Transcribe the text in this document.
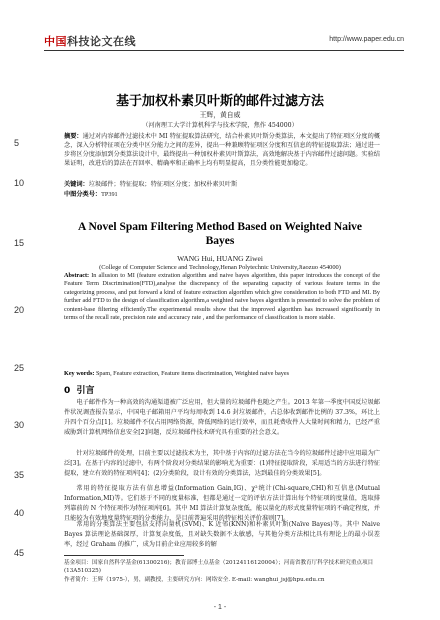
中国科技论文在线	http://www.paper.edu.cn
5
10
15
20
25
30
35
40
45
基于加权朴素贝叶斯的邮件过滤方法
王辉，黄自威
（河南理工大学计算机科学与技术学院，焦作 454000）
摘要：通过对内容邮件过滤技术中 MI 特征提取算法研究，结合朴素贝叶斯分类算法，本文提出了特征项区分度的概念，深入分析特征项在分类中区分能力之间的差异，提出一种兼顾特征项区分度和互信息的特征提取算法；通过进一步将区分度添加到分类算法设计中，最终提出一种加权朴素贝叶斯算法，高效地解决基于内容邮件过滤问题。实验结果证明，改进后的算法在召回率、精确率和正确率上均有明显提高，且分类性能更加稳定。
关键词：垃圾邮件；特征提取；特征项区分度；加权朴素贝叶斯
中图分类号：TP391
A Novel Spam Filtering Method Based on Weighted Naive Bayes
WANG Hui, HUANG Ziwei
(College of Computer Science and Technology,Henan Polytechnic University,Jiaozuo 454000)
Abstract: In allusion to MI (feature extration algorithm and naive bayes algorithm, this paper introduces the concept of the Feature Term Discrimination(FTD),analyse the discrepancy of the separating capacity of various feature terms in the categorizing process, and put forward a kind of feature extraction algorithm which give consideration to both FTD and MI. By further add FTD to the design of classification algorithm,a weighted naive bayes algorithm is presented to solve the problem of content-base filtering efficiently.The experimental results show that the improved algorithm has increased significantly in terms of the recall rate, precision rate and accuracy rate , and the performance of classification is more stable.
Key words: Spam, Feature extraction, Feature items discrimination, Weighted naive bayes
0 引言
电子邮件作为一种高效的沟通渠道被广泛应用，但大量的垃圾邮件也随之产生。2013 年第一季度中国反垃圾邮件状况调查报告显示，中国电子邮箱用户平均每周收到 14.6 封垃圾邮件，占总体收到邮件比例的 37.3%，环比上升四个百分点[1]。垃圾邮件不仅占用网络资源，降低网络的运行效率，而且耗费收件人大量时间和精力，已经严重威胁到计算机网络信息安全[2]问题，反垃圾邮件技术研究具有重要的社会意义。
针对垃圾邮件的处理，目前主要以过滤技术为主，其中基于内容的过滤方法在当今的垃圾邮件过滤中应用最为广泛[3]。在基于内容的过滤中，有两个阶段对分类结果的影响尤为重要：(1)特征提取阶段，采用适当的方法进行特征提取，建立有效的特征项库[4]；(2)分类阶段，设计有效的分类算法，达到最佳的分类效果[5]。
常用的特征提取方法有信息增益(Information Gain,IG)、χ²统计(Chi-square,CHI)和互信息(Mutual Information,MI)等。它们基于不同的度量标准，但都是通过一定的评估方法计算出每个特征项的度量值，选取排列靠前的 N 个特征项作为特征项库[6]。其中 MI 算法计算复杂度低，能以量化的形式度量特征项的不确定程度，并且能较为有效地度量特征项的分类能力，是目前普遍采用的特征相关评价准则[7]。
常用的分类算法主要包括支持向量机(SVM)、K 近邻(KNN)和朴素贝叶斯(Naïve Bayes)等。其中 Naive Bayes 算法理论基础深厚，计算复杂度低，且对缺失数据不太敏感，与其他分类方法相比具有理论上的最小误差率，经过 Graham 的推广，成为目前企业应用较多的解
基金项目：国家自然科学基金(61300216)；教育部博士点基金（20124116120004）；河南省教育厅科学技术研究重点项目(13A510325)
作者简介：王辉（1975-），男，副教授，主要研究方向：网络安全. E-mail: wanghui_jsj@hpu.edu.cn
- 1 -
